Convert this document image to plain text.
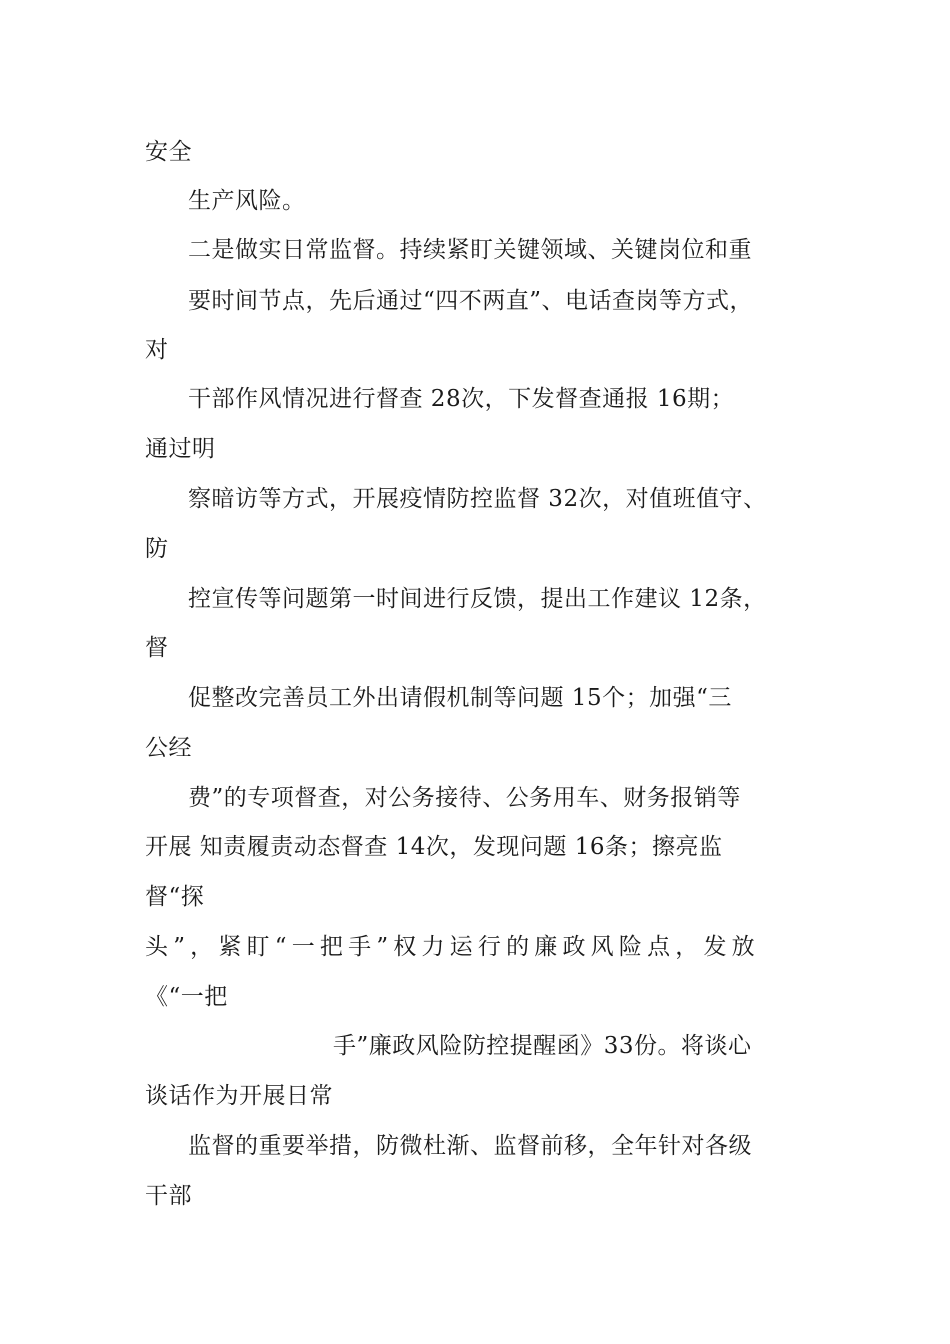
安全
生产风险。
二是做实日常监督。持续紧盯关键领域、关键岗位和重
要时间节点，先后通过“四不两直”、电话查岗等方式，
对
干部作风情况进行督查 28次，下发督查通报 16期；
通过明
察暗访等方式，开展疫情防控监督 32次，对值班值守、
防
控宣传等问题第一时间进行反馈，提出工作建议 12条，
督
促整改完善员工外出请假机制等问题 15个；加强“三
公经
费”的专项督查，对公务接待、公务用车、财务报销等
开展 知责履责动态督查 14次，发现问题 16条；擦亮监
督“探
头”，紧盯“一把手”权力运行的廉政风险点，发放
《“一把
手”廉政风险防控提醒函》33份。将谈心
谈话作为开展日常
监督的重要举措，防微杜渐、监督前移，全年针对各级
干部
